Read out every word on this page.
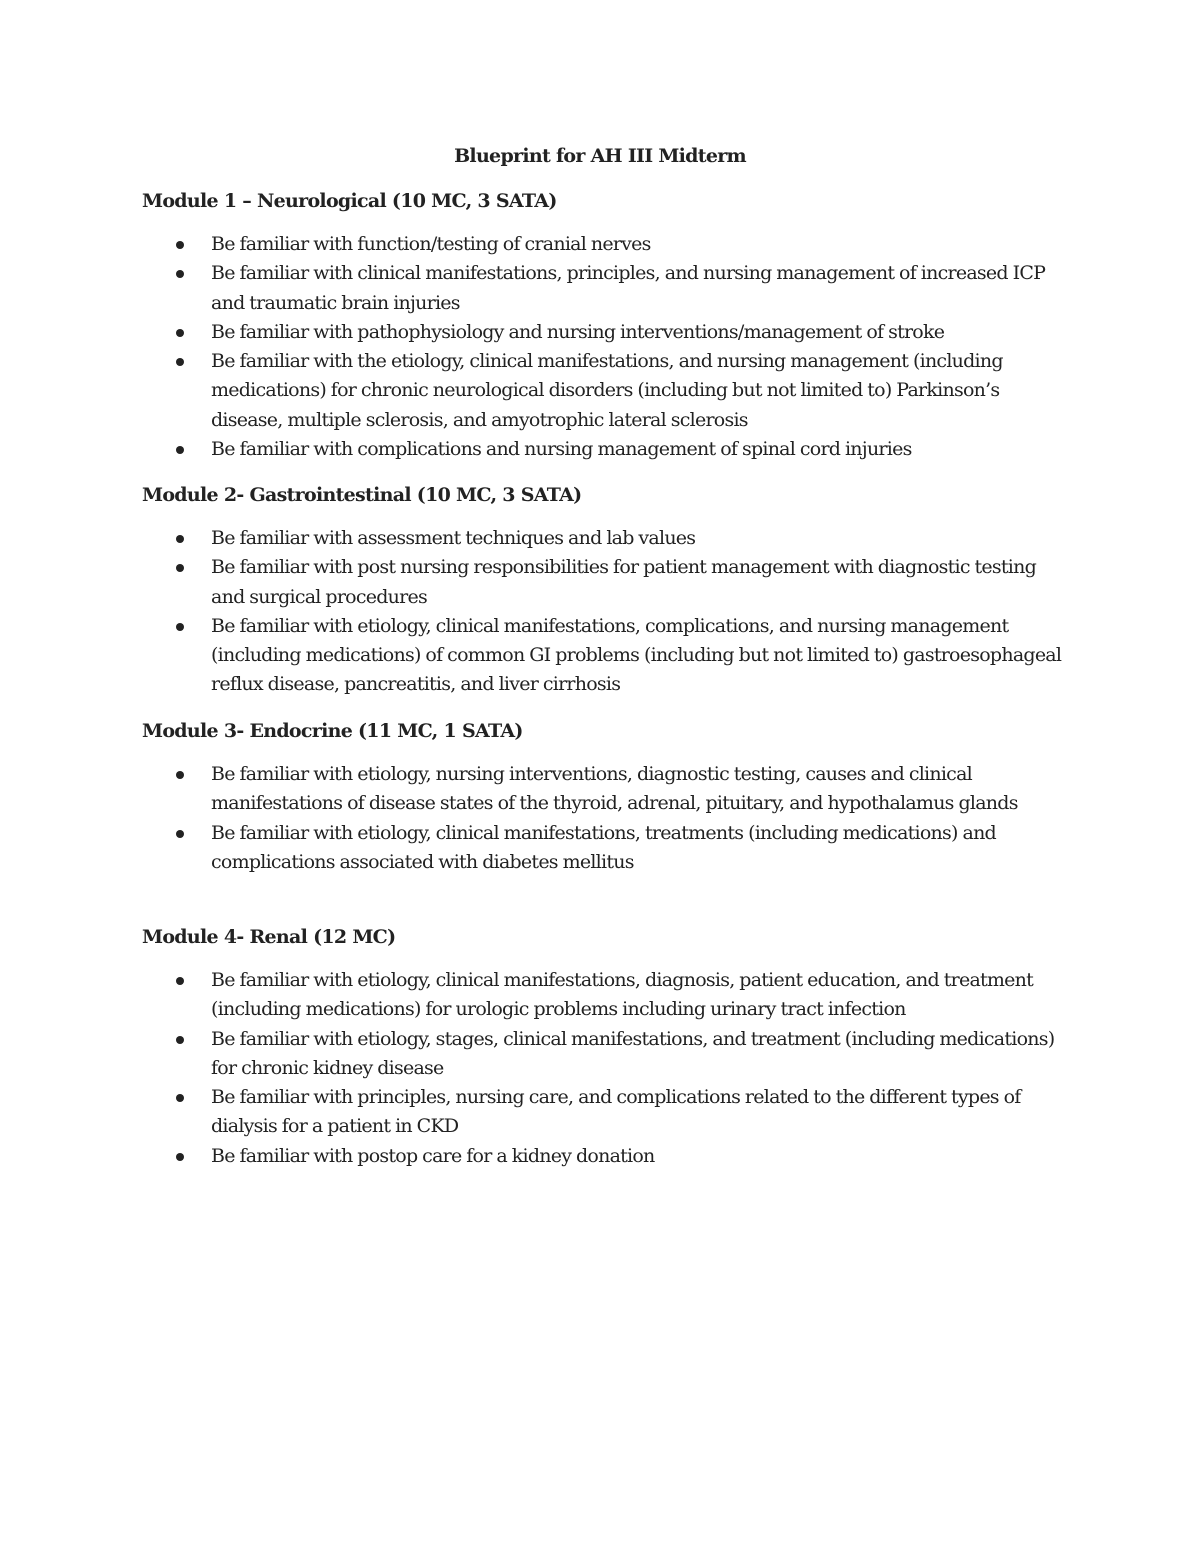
Blueprint for AH III Midterm
Module 1 – Neurological (10 MC, 3 SATA)
Be familiar with function/testing of cranial nerves
Be familiar with clinical manifestations, principles, and nursing management of increased ICP and traumatic brain injuries
Be familiar with pathophysiology and nursing interventions/management of stroke
Be familiar with the etiology, clinical manifestations, and nursing management (including medications) for chronic neurological disorders (including but not limited to) Parkinson’s disease, multiple sclerosis, and amyotrophic lateral sclerosis
Be familiar with complications and nursing management of spinal cord injuries
Module 2- Gastrointestinal (10 MC, 3 SATA)
Be familiar with assessment techniques and lab values
Be familiar with post nursing responsibilities for patient management with diagnostic testing and surgical procedures
Be familiar with etiology, clinical manifestations, complications, and nursing management (including medications) of common GI problems (including but not limited to) gastroesophageal reflux disease, pancreatitis, and liver cirrhosis
Module 3- Endocrine (11 MC, 1 SATA)
Be familiar with etiology, nursing interventions, diagnostic testing, causes and clinical manifestations of disease states of the thyroid, adrenal, pituitary, and hypothalamus glands
Be familiar with etiology, clinical manifestations, treatments (including medications) and complications associated with diabetes mellitus
Module 4- Renal (12 MC)
Be familiar with etiology, clinical manifestations, diagnosis, patient education, and treatment (including medications) for urologic problems including urinary tract infection
Be familiar with etiology, stages, clinical manifestations, and treatment (including medications) for chronic kidney disease
Be familiar with principles, nursing care, and complications related to the different types of dialysis for a patient in CKD
Be familiar with postop care for a kidney donation
